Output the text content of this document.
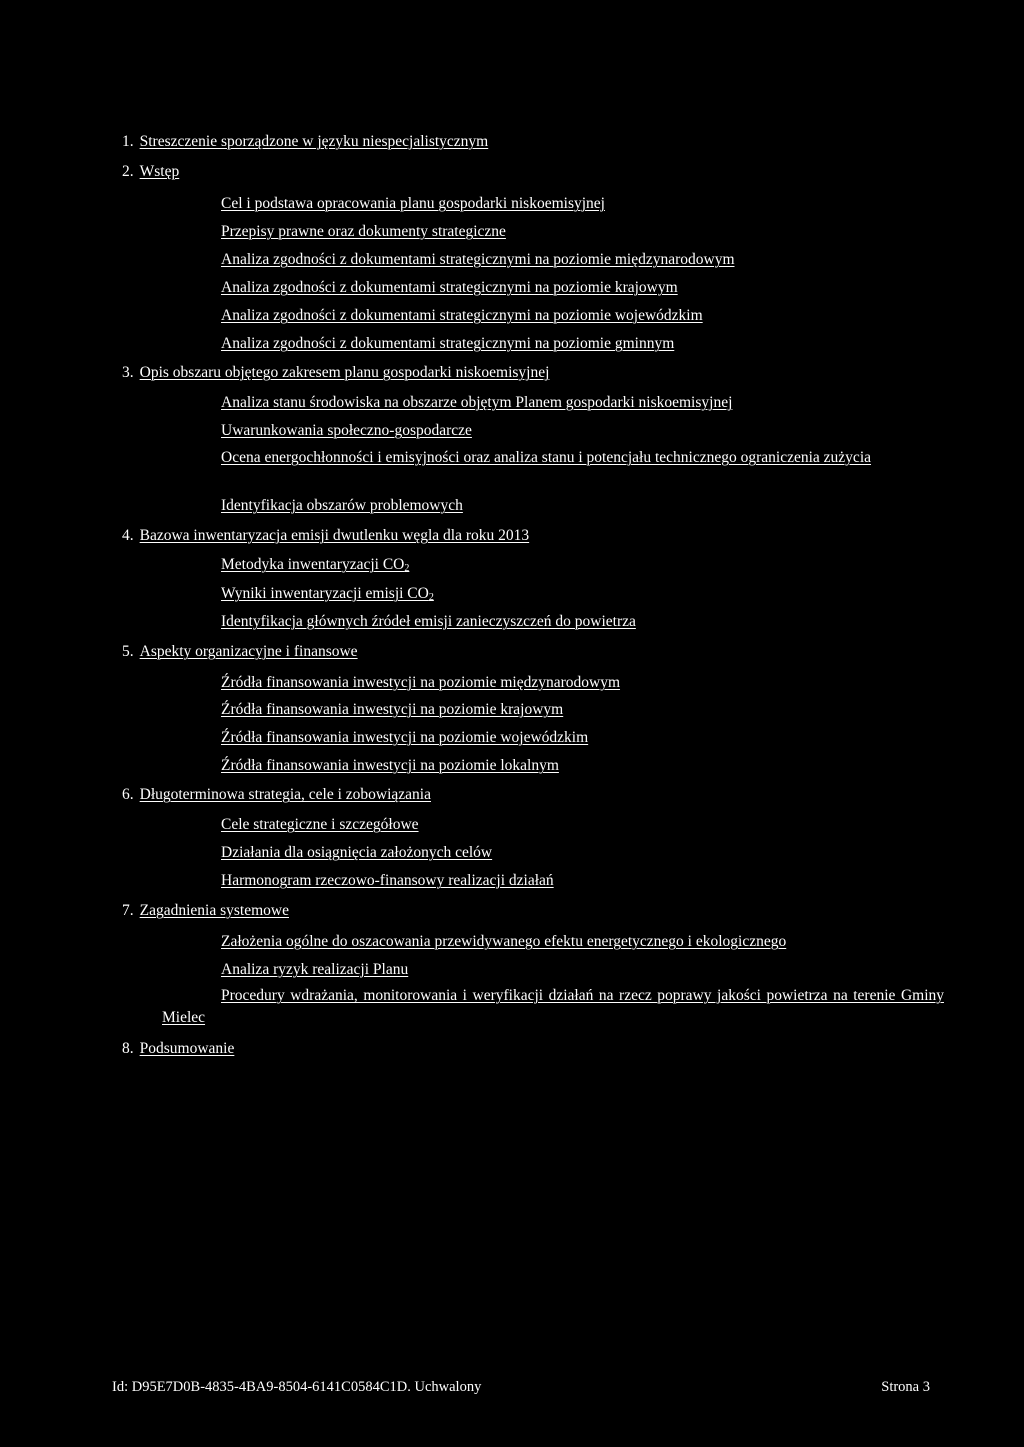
1. Streszczenie sporządzone w języku niespecjalistycznym
2. Wstęp
Cel i podstawa opracowania planu gospodarki niskoemisyjnej
Przepisy prawne oraz dokumenty strategiczne
Analiza zgodności z dokumentami strategicznymi na poziomie międzynarodowym
Analiza zgodności z dokumentami strategicznymi na poziomie krajowym
Analiza zgodności z dokumentami strategicznymi na poziomie wojewódzkim
Analiza zgodności z dokumentami strategicznymi na poziomie gminnym
3. Opis obszaru objętego zakresem planu gospodarki niskoemisyjnej
Analiza stanu środowiska na obszarze objętym Planem gospodarki niskoemisyjnej
Uwarunkowania społeczno-gospodarcze
Ocena energochłonności i emisyjności oraz analiza stanu i potencjału technicznego ograniczenia zużycia
Identyfikacja obszarów problemowych
4. Bazowa inwentaryzacja emisji dwutlenku węgla dla roku 2013
Metodyka inwentaryzacji $CO_2$
Wyniki inwentaryzacji emisji $CO_2$
Identyfikacja głównych źródeł emisji zanieczyszczeń do powietrza
5. Aspekty organizacyjne i finansowe
Źródła finansowania inwestycji na poziomie międzynarodowym
Źródła finansowania inwestycji na poziomie krajowym
Źródła finansowania inwestycji na poziomie wojewódzkim
Źródła finansowania inwestycji na poziomie lokalnym
6. Długoterminowa strategia, cele i zobowiązania
Cele strategiczne i szczegółowe
Działania dla osiągnięcia założonych celów
Harmonogram rzeczowo-finansowy realizacji działań
7. Zagadnienia systemowe
Założenia ogólne do oszacowania przewidywanego efektu energetycznego i ekologicznego
Analiza ryzyk realizacji Planu
Procedury wdrażania, monitorowania i weryfikacji działań na rzecz poprawy jakości powietrza na terenie Gminy Mielec
8. Podsumowanie
Id: D95E7D0B-4835-4BA9-8504-6141C0584C1D. Uchwalony	Strona 3
